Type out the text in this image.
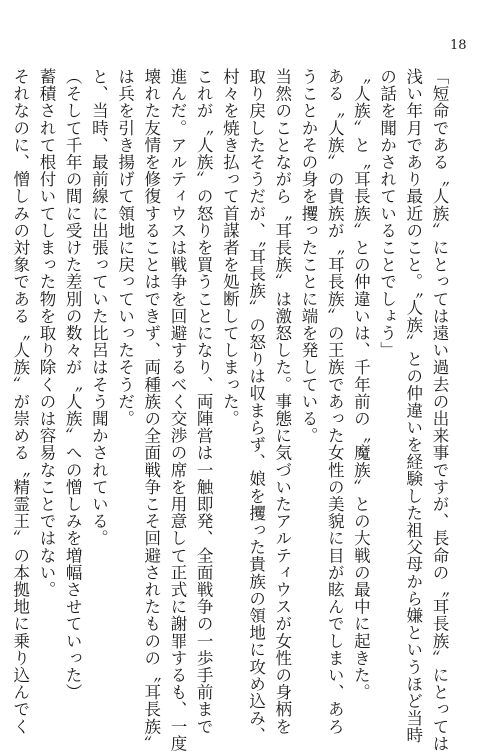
18
「短命である〝人族〟にとっては遠い過去の出来事ですが、長命の〝耳長族〟にとっては
浅い年月であり最近のこと。〝人族〟との仲違いを経験した祖父母から嫌というほど当時
の話を聞かされていることでしょう」
〝人族〟と〝耳長族〟との仲違いは、千年前の〝魔族〟との大戦の最中に起きた。
ある〝人族〟の貴族が〝耳長族〟の王族であった女性の美貌に目が眩んでしまい、あろ
うことかその身を攫ったことに端を発している。
当然のことながら〝耳長族〟は激怒した。事態に気づいたアルティウスが女性の身柄を
取り戻したそうだが、〝耳長族〟の怒りは収まらず、娘を攫った貴族の領地に攻め込み、
村々を焼き払って首謀者を処断してしまった。
これが〝人族〟の怒りを買うことになり、両陣営は一触即発、全面戦争の一歩手前まで
進んだ。アルティウスは戦争を回避するべく交渉の席を用意して正式に謝罪するも、一度
壊れた友情を修復することはできず、両種族の全面戦争こそ回避されたものの〝耳長族〟
は兵を引き揚げて領地に戻っていったそうだ。
と、当時、最前線に出張っていた比呂はそう聞かされている。
（そして千年の間に受けた差別の数々が〝人族〟への憎しみを増幅させていった）
蓄積されて根付いてしまった物を取り除くのは容易なことではない。
それなのに、憎しみの対象である〝人族〟が崇める〝精霊王〟の本拠地に乗り込んでく
